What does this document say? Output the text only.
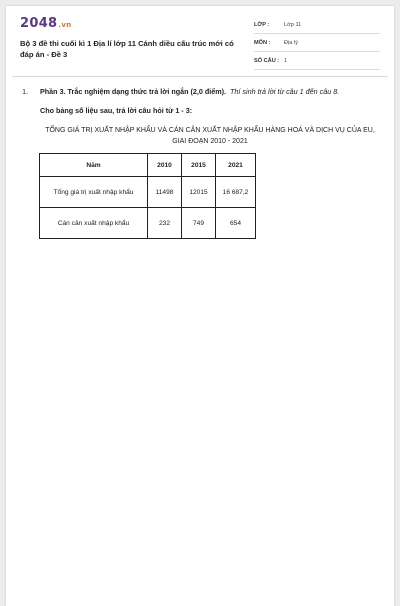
2048.vn
Bộ 3 đề thi cuối kì 1 Địa lí lớp 11 Cánh diều cấu trúc mới có đáp án - Đề 3
LỚP :	Lớp 11
MÔN : Địa lý
SỐ CÂU : 1
1. Phần 3. Trắc nghiệm dạng thức trả lời ngắn (2,0 điểm). Thí sinh trả lời từ câu 1 đến câu 8.
Cho bảng số liệu sau, trả lời câu hỏi từ 1 - 3:
TỔNG GIÁ TRỊ XUẤT NHẬP KHẨU VÀ CÁN CÂN XUẤT NHẬP KHẨU HÀNG HOÁ VÀ DỊCH VỤ CỦA EU, GIAI ĐOẠN 2010 - 2021
Năm	2010	2015	2021
Tổng giá trị xuất nhập khẩu	11498	12015	16 687,2
Cán cân xuất nhập khẩu	232	749	654
